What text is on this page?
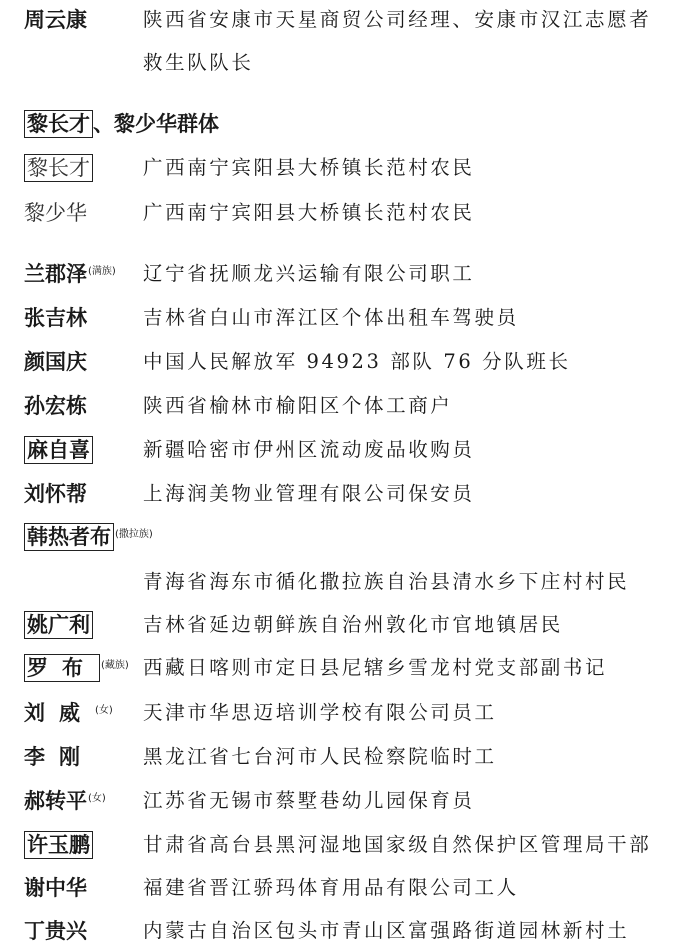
周云康	陕西省安康市天星商贸公司经理、安康市汉江志愿者
救生队队长
黎长才 、黎少华群体
黎长才	广西南宁宾阳县大桥镇长范村农民
黎少华	广西南宁宾阳县大桥镇长范村农民
兰郡泽$^{(满族)}$ 辽宁省抚顺龙兴运输有限公司职工
张吉林	吉林省白山市浑江区个体出租车驾驶员
颜国庆	中国人民解放军 94923 部队 76 分队班长
孙宏栋	陕西省榆林市榆阳区个体工商户
麻自喜	新疆哈密市伊州区流动废品收购员
刘怀帮	上海润美物业管理有限公司保安员
韩热者布 $^{(撒拉族)}$
青海省海东市循化撒拉族自治县清水乡下庄村村民
姚广利	吉林省延边朝鲜族自治州敦化市官地镇居民
罗布 $^{(藏族)}$ 西藏日喀则市定日县尼辖乡雪龙村党支部副书记
刘威$^{(女)}$ 天津市华思迈培训学校有限公司员工
李刚	黑龙江省七台河市人民检察院临时工
郝转平$^{(女)}$ 江苏省无锡市蔡墅巷幼儿园保育员
许玉鹏	甘肃省高台县黑河湿地国家级自然保护区管理局干部
谢中华	福建省晋江骄玛体育用品有限公司工人
丁贵兴	内蒙古自治区包头市青山区富强路街道园林新村土
